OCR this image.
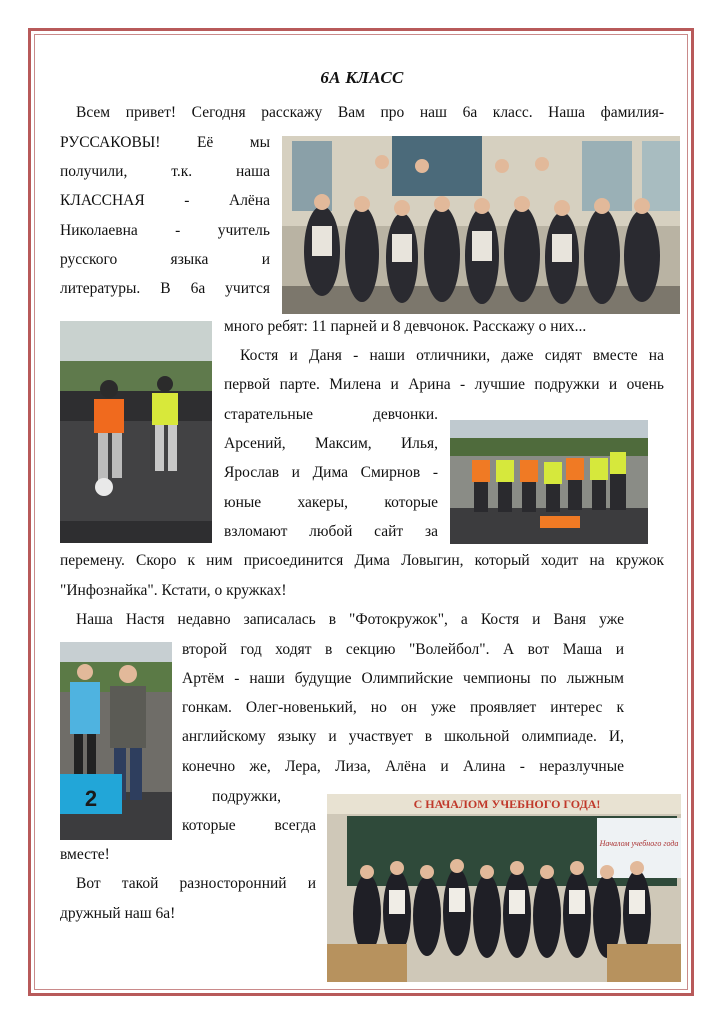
6А КЛАСС
Всем привет! Сегодня расскажу Вам про наш 6а класс. Наша фамилия-
РУССАКОВЫ! Её мы
получили, т.к. наша
КЛАССНАЯ - Алёна
Николаевна - учитель
русского языка и
литературы. В 6а учится
много ребят: 11 парней и 8 девчонок. Расскажу о них...
Костя и Даня - наши отличники, даже сидят вместе на
первой парте. Милена и Арина - лучшие подружки и очень
старательные девчонки.
Арсений, Максим, Илья,
Ярослав и Дима Смирнов -
юные хакеры, которые
взломают любой сайт за
перемену. Скоро к ним присоединится Дима Ловыгин, который ходит на кружок
"Инфознайка". Кстати, о кружках!
Наша Настя недавно записалась в "Фотокружок", а Костя и Ваня уже
второй год ходят в секцию "Волейбол". А вот Маша и
Артём - наши будущие Олимпийские чемпионы по лыжным
гонкам. Олег-новенький, но он уже проявляет интерес к
английскому языку и участвует в школьной олимпиаде. И,
конечно же, Лера, Лиза, Алёна и Алина - неразлучные
подружки,
которые всегда
вместе!
Вот такой разносторонний и
дружный наш 6а!
2
Началом учебного года
С НАЧАЛОМ УЧЕБНОГО ГОДА!
